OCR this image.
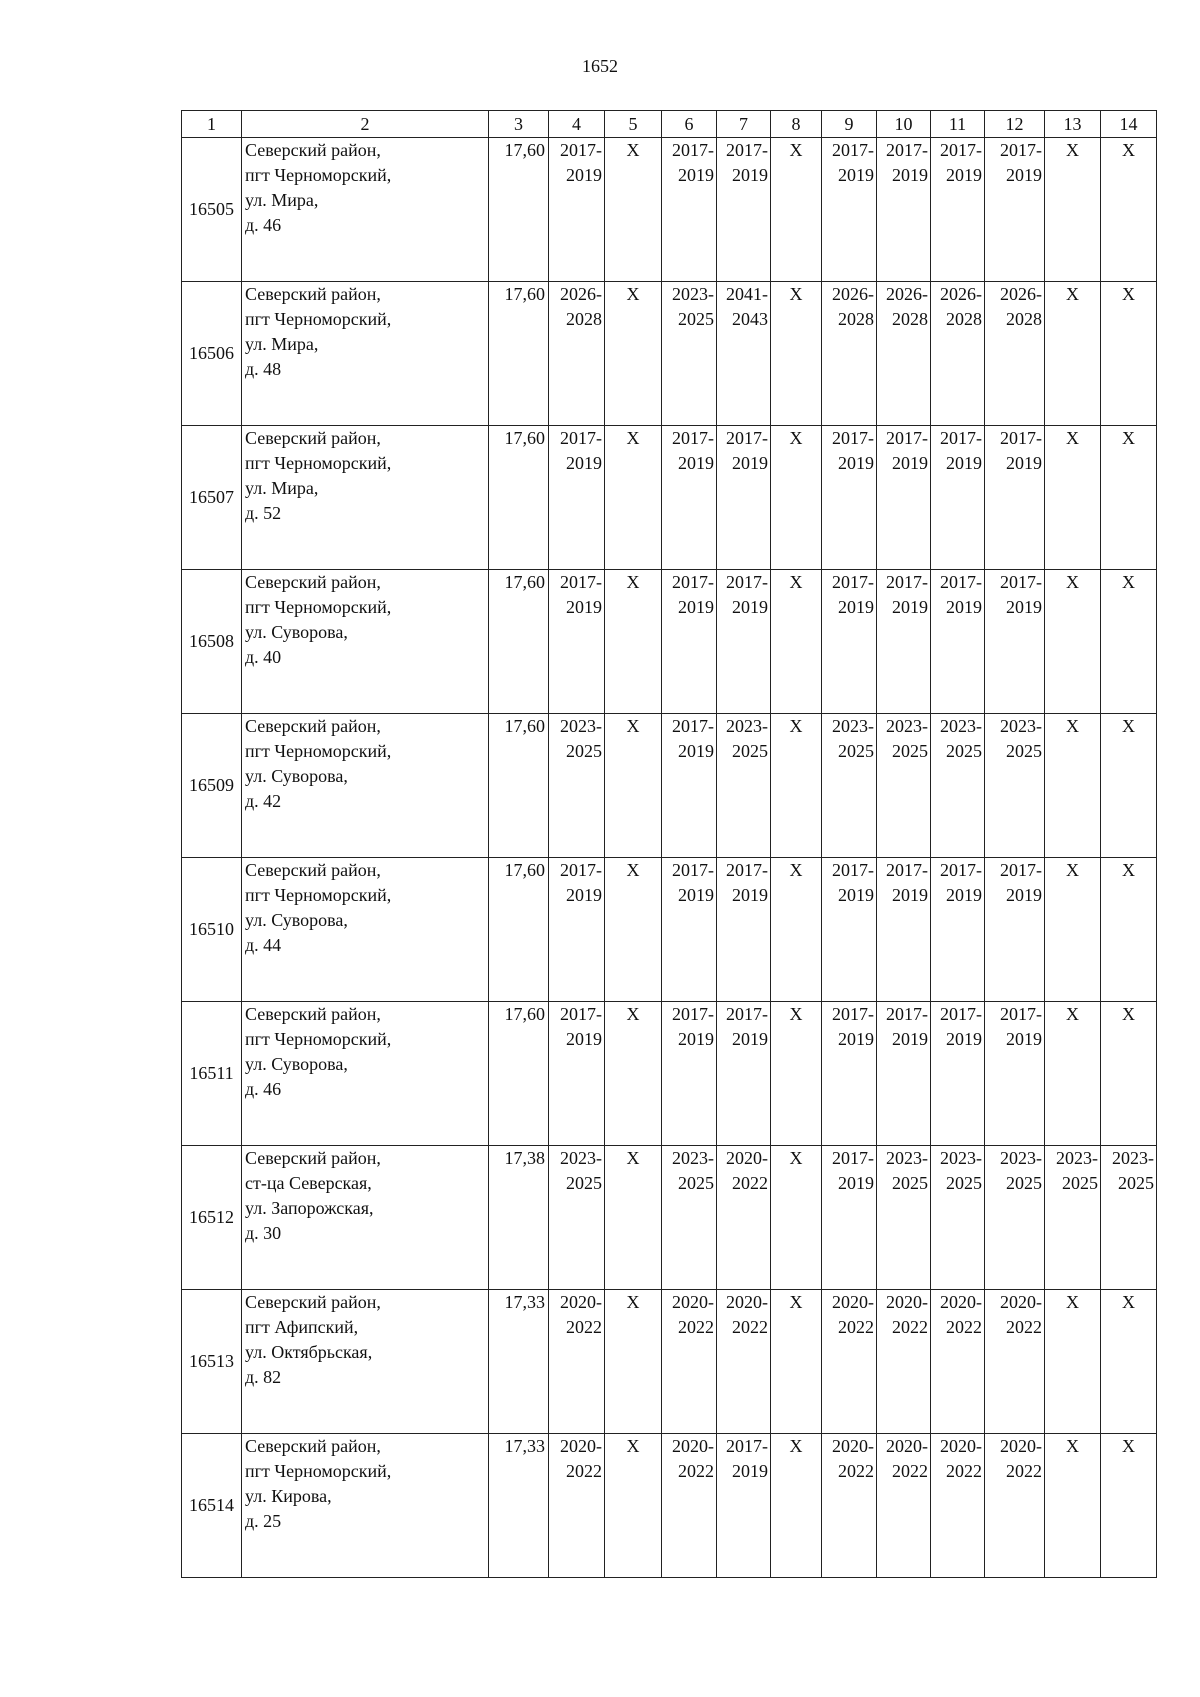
1652
1	2	3	4	5	6	7	8	9	10	11	12	13	14
16505	Северский район,
пгт Черноморский,
ул. Мира,
д. 46	17,60	2017-
2019	X	2017-
2019	2017-
2019	X	2017-
2019	2017-
2019	2017-
2019	2017-
2019	X	X
16506	Северский район,
пгт Черноморский,
ул. Мира,
д. 48	17,60	2026-
2028	X	2023-
2025	2041-
2043	X	2026-
2028	2026-
2028	2026-
2028	2026-
2028	X	X
16507	Северский район,
пгт Черноморский,
ул. Мира,
д. 52	17,60	2017-
2019	X	2017-
2019	2017-
2019	X	2017-
2019	2017-
2019	2017-
2019	2017-
2019	X	X
16508	Северский район,
пгт Черноморский,
ул. Суворова,
д. 40	17,60	2017-
2019	X	2017-
2019	2017-
2019	X	2017-
2019	2017-
2019	2017-
2019	2017-
2019	X	X
16509	Северский район,
пгт Черноморский,
ул. Суворова,
д. 42	17,60	2023-
2025	X	2017-
2019	2023-
2025	X	2023-
2025	2023-
2025	2023-
2025	2023-
2025	X	X
16510	Северский район,
пгт Черноморский,
ул. Суворова,
д. 44	17,60	2017-
2019	X	2017-
2019	2017-
2019	X	2017-
2019	2017-
2019	2017-
2019	2017-
2019	X	X
16511	Северский район,
пгт Черноморский,
ул. Суворова,
д. 46	17,60	2017-
2019	X	2017-
2019	2017-
2019	X	2017-
2019	2017-
2019	2017-
2019	2017-
2019	X	X
16512	Северский район,
ст-ца Северская,
ул. Запорожская,
д. 30	17,38	2023-
2025	X	2023-
2025	2020-
2022	X	2017-
2019	2023-
2025	2023-
2025	2023-
2025	2023-
2025	2023-
2025

16513	Северский район,
пгт Афипский,
ул. Октябрьская,
д. 82	17,33	2020-
2022	X	2020-
2022	2020-
2022	X	2020-
2022	2020-
2022	2020-
2022	2020-
2022	X	X
16514	Северский район,
пгт Черноморский,
ул. Кирова,
д. 25	17,33	2020-
2022	X	2020-
2022	2017-
2019	X	2020-
2022	2020-
2022	2020-
2022	2020-
2022	X	X
